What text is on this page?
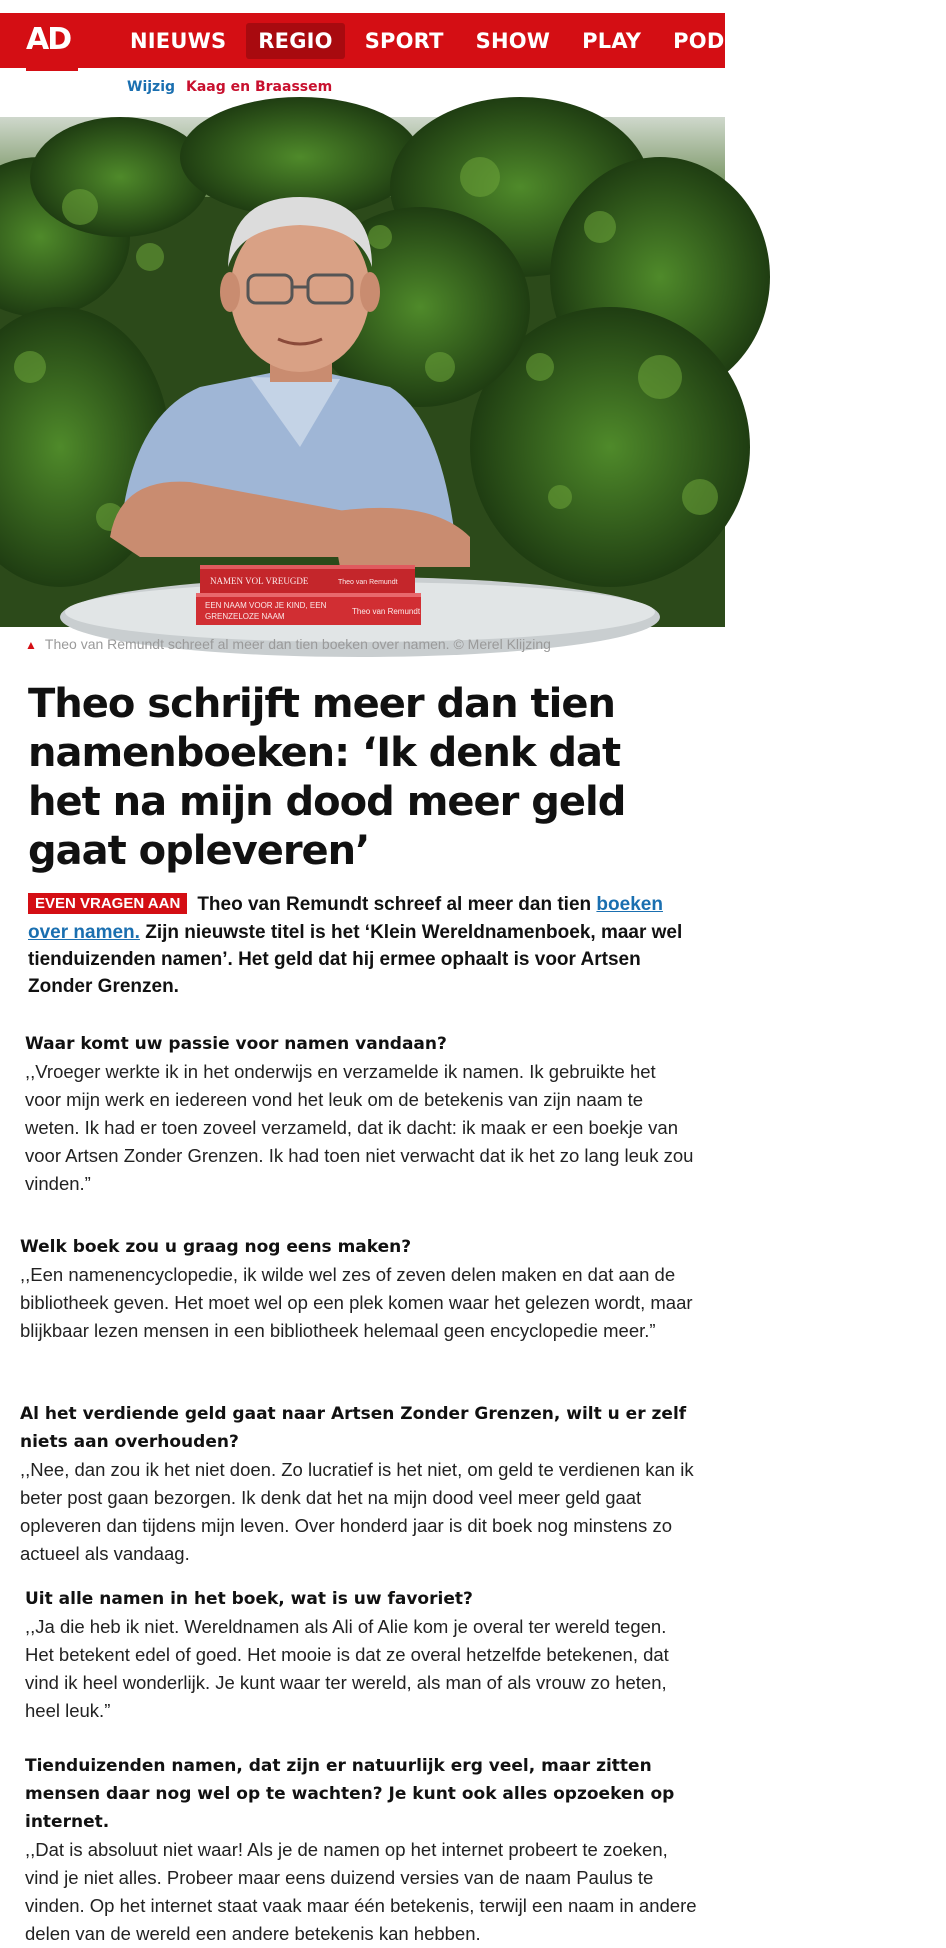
AD	NIEUWS	REGIO	SPORT	SHOW	PLAY	PODCAST	PUZZELS
Wijzig Kaag en Braassem
NAMEN VOL VREUGDE	Theo van Remundt
EEN NAAM VOOR JE KIND, EEN
GRENZELOZE NAAM
Theo van Remundt
▲ Theo van Remundt schreef al meer dan tien boeken over namen. © Merel Klijzing
Theo schrijft meer dan tien namenboeken: ‘Ik denk dat het na mijn dood meer geld gaat opleveren’
EVEN VRAGEN AAN Theo van Remundt schreef al meer dan tien boeken over namen. Zijn nieuwste titel is het ‘Klein Wereldnamenboek, maar wel tienduizenden namen’. Het geld dat hij ermee ophaalt is voor Artsen Zonder Grenzen.

Waar komt uw passie voor namen vandaan?

,,Vroeger werkte ik in het onderwijs en verzamelde ik namen. Ik gebruikte het voor mijn werk en iedereen vond het leuk om de betekenis van zijn naam te weten. Ik had er toen zoveel verzameld, dat ik dacht: ik maak er een boekje van voor Artsen Zonder Grenzen. Ik had toen niet verwacht dat ik het zo lang leuk zou vinden.”

Welk boek zou u graag nog eens maken?

,,Een namenencyclopedie, ik wilde wel zes of zeven delen maken en dat aan de bibliotheek geven. Het moet wel op een plek komen waar het gelezen wordt, maar blijkbaar lezen mensen in een bibliotheek helemaal geen encyclopedie meer.”

Al het verdiende geld gaat naar Artsen Zonder Grenzen, wilt u er zelf niets aan overhouden?

,,Nee, dan zou ik het niet doen. Zo lucratief is het niet, om geld te verdienen kan ik beter post gaan bezorgen. Ik denk dat het na mijn dood veel meer geld gaat opleveren dan tijdens mijn leven. Over honderd jaar is dit boek nog minstens zo actueel als vandaag.

Uit alle namen in het boek, wat is uw favoriet?

,,Ja die heb ik niet. Wereldnamen als Ali of Alie kom je overal ter wereld tegen. Het betekent edel of goed. Het mooie is dat ze overal hetzelfde betekenen, dat vind ik heel wonderlijk. Je kunt waar ter wereld, als man of als vrouw zo heten, heel leuk.”

Tienduizenden namen, dat zijn er natuurlijk erg veel, maar zitten mensen daar nog wel op te wachten? Je kunt ook alles opzoeken op internet.

,,Dat is absoluut niet waar! Als je de namen op het internet probeert te zoeken, vind je niet alles. Probeer maar eens duizend versies van de naam Paulus te vinden. Op het internet staat vaak maar één betekenis, terwijl een naam in andere delen van de wereld een andere betekenis kan hebben.
